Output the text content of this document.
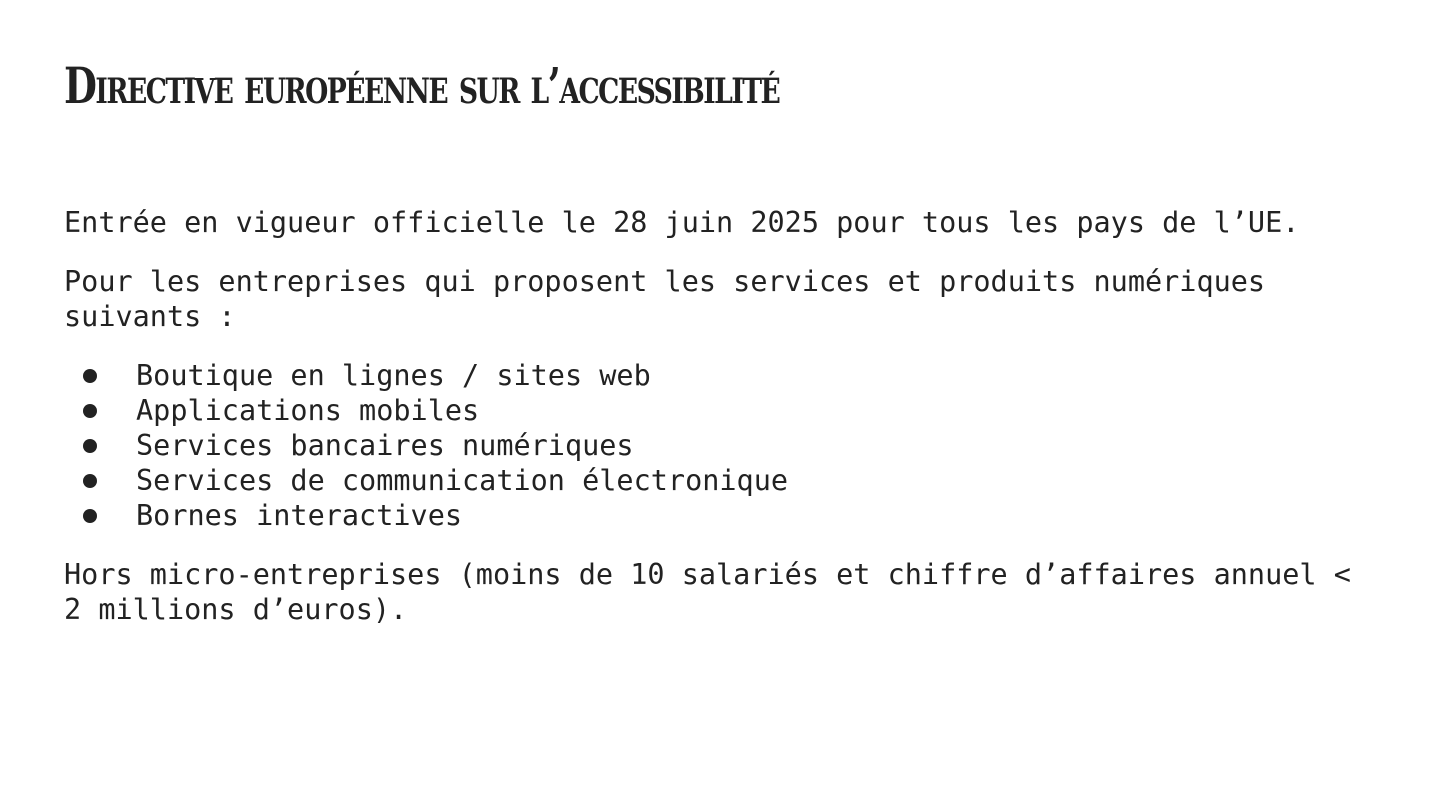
Directive européenne sur l’accessibilité

Entrée en vigueur officielle le 28 juin 2025 pour tous les pays de l’UE.

Pour les entreprises qui proposent les services et produits numériques suivants :

Boutique en lignes / sites web
Applications mobiles
Services bancaires numériques
Services de communication électronique
Bornes interactives

Hors micro-entreprises (moins de 10 salariés et chiffre d’affaires annuel < 2 millions d’euros).
